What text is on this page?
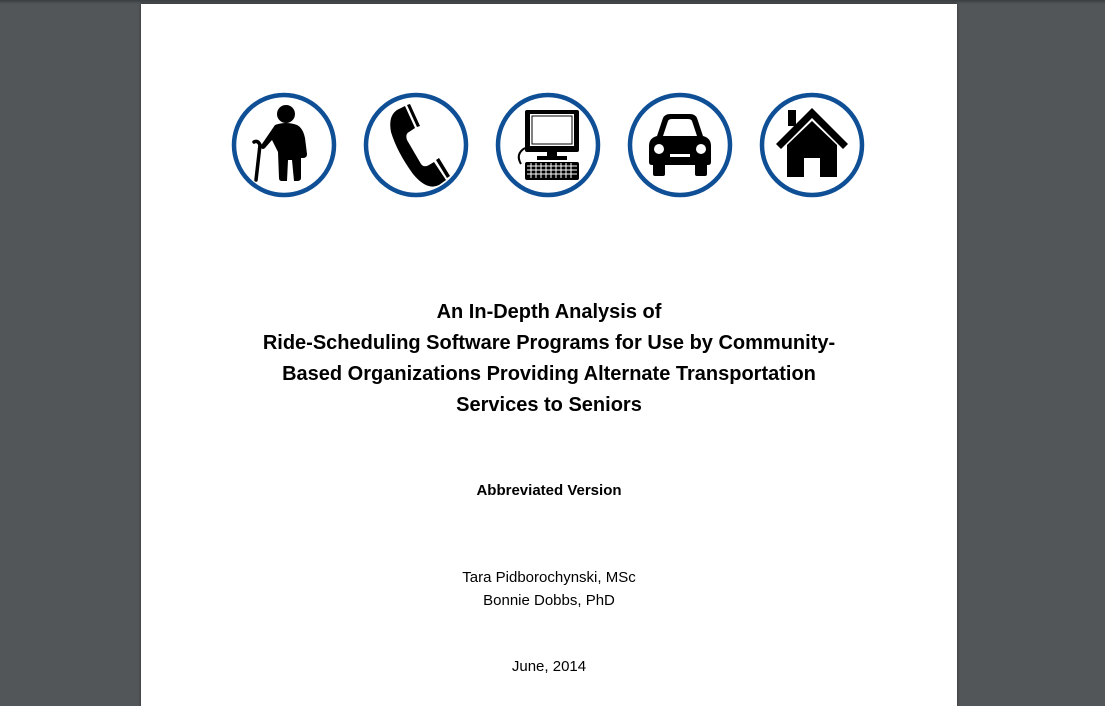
An In-Depth Analysis of
Ride-Scheduling Software Programs for Use by Community-
Based Organizations Providing Alternate Transportation
Services to Seniors
Abbreviated Version
Tara Pidborochynski, MSc
Bonnie Dobbs, PhD
June, 2014
